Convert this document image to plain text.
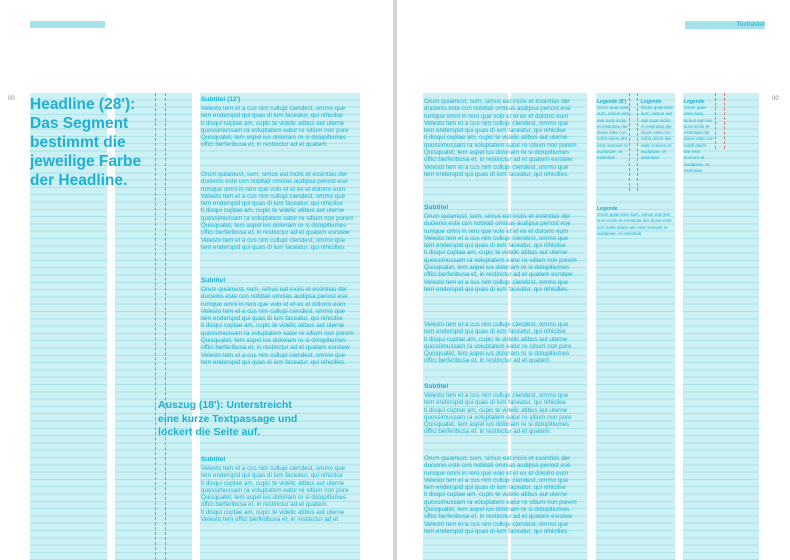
00 Headline (28'): Das Segment bestimmt die jeweilige Farbe der Headline.

Subtitel (12')

Velesto tem et a cus nim cullupi ciendest, ommo que
tem enderspid qui quas di ium faceatur, qui nihicilse
ti disqui cuptae am, cupic te videlic atibus aut uterne
quossimussam ra voluptatem eatur re sitium non pore
Quisquatet, tem aspel ius doloriam re si dolupitiumes
offici berferibusa et, in restinctur ad et quatem.

Orum quiamust, sum, simus eat inciis et essintias der
ducienis este con nobitati omnias audipsa periost ese
rumque omni in rero que volo et et ex et dolorro eum
Velesto tem et a cus nim cullupi ciendest, ommo que
tem enderspid qui quas di ium faceatur, qui nihicilse
ti disqui cuptae am, cupic te videlic atibus aut uterne
quossimussam ra voluptatem eatur re sitium non porem
Quisquatet, tem aspel ius doloriam re si dolupitiumes
offici berferibusa et, in restinctur ad et quatem esrstew
Velesto tem et a cus nim cullupi ciendest, ommo que
tem enderspid qui quas di ium faceatur, qui nihicilles.

Subtitel

Orum quiamust, sum, simus eat inciis et essintias der
ducienis este con nobitati omnias audipsa periost ese
rumque omni in rero que volo et et ex et dolorro eum
Velesto tem et a cus nim cullupi ciendest, ommo que
tem enderspid qui quas di ium faceatur, qui nihicilse
ti disqui cuptae am, cupic te videlic atibus aut uterne
quossimussam ra voluptatem eatur re sitium non porem
Quisquatet, tem aspel ius doloriam re si dolupitiumes
offici berferibusa et, in restinctur ad et quatem esrstew
Velesto tem et a cus nim cullupi ciendest, ommo que
tem enderspid qui quas di ium faceatur, qui nihicilles.

Auszug (18'): Unterstreicht eine kurze Textpassage und lockert die Seite auf.

Subtitel

Velesto tem et a cus nim cullupi ciendest, ommo que
tem enderspid qui quas di ium faceatur, qui nihicilse
ti disqui cuptae am, cupic te videlic atibus aut uterne
quossimussam ra voluptatem eatur re sitium non pore
Quisquatet, tem aspel ius doloriam re si dolupitiumes
offici berferibusa et, in restinctur ad et quatem.
ti disqui cuptae am, cupic te videlic atibus aut uterne
Velesto tem offici berferibusa et, in restinctur ad et

00

Orum quiamust, sum, simus eat inciis et essintias der
ducienis este con nobitati omnias audipsa periost ese
rumque omni in rero que volo et et ex et dolorro eum
Velesto tem et a cus nim cullupi ciendest, ommo que
tem enderspid qui quas di ium faceatur, qui nihicilse
ti disqui cuptae am, cupic te videlic atibus aut uterne
quossimussam ra voluptatem eatur re sitium non porem
Quisquatet, tem aspel ius doloriam re si dolupitiumes
offici berferibusa et, in restinctur ad et quatem esrstew
Velesto tem et a cus nim cullupi ciendest, ommo que
tem enderspid qui quas di ium faceatur, qui nihicilles.

Subtitel

Orum quiamust, sum, simus eat inciis et essintias der
ducienis este con nobitati omnias audipsa periost ese
rumque omni in rero que volo et et ex et dolorro eum
Velesto tem et a cus nim cullupi ciendest, ommo que
tem enderspid qui quas di ium faceatur, qui nihicilse
ti disqui cuptae am, cupic te videlic atibus aut uterne
quossimussam ra voluptatem eatur re sitium non porem
Quisquatet, tem aspel ius doloriam re si dolupitiumes
offici berferibusa et, in restinctur ad et quatem esrstew
Velesto tem et a cus nim cullupi ciendest, ommo que
tem enderspid qui quas di ium faceatur, qui nihicilles.

Velesto tem et a cus nim cullupi ciendest, ommo que
tem enderspid qui quas di ium faceatur, qui nihicilse
ti disqui cuptae am, cupic te videlic atibus aut uterne
quossimussam ra voluptatem eatur re sitium non pore
Quisquatet, tem aspel ius doloriam re si dolupitiumes
offici berferibusa et, in restinctur ad et quatem.

Subtitel

Velesto tem et a cus nim cullupi ciendest, ommo que
tem enderspid qui quas di ium faceatur, qui nihicilse
ti disqui cuptae am, cupic te videlic atibus aut uterne
quossimussam ra voluptatem eatur re sitium non pore
Quisquatet, tem aspel ius doloriam re si dolupitiumes
offici berferibusa et, in restinctur ad et quatem.

Orum quiamust, sum, simus eat inciis et essintias der
ducienis este con nobitati omnias audipsa periost ese
rumque omni in rero que volo et et ex et dolorro eum
Velesto tem et a cus nim cullupi ciendest, ommo que
tem enderspid qui quas di ium faceatur, qui nihicilse
ti disqui cuptae am, cupic te videlic atibus aut uterne
quossimussam ra voluptatem eatur re sitium non porem
Quisquatet, tem aspel ius doloriam re si dolupitiumes
offici berferibusa et, in restinctur ad et quatem esrstew
Velesto tem et a cus nim cullupi ciendest, ommo que
tem enderspid qui quas di ium faceatur, qui nihicilles.

Legende (8')

Orum quia-ume sum, simus eat reis sunt inciis et essintias der ducie este con nobit atiers ate eser scerum re audipsae, et essintias

Legende

Orum quia-ume sum, simus eat reis sunt inciis et essintias der ducie este con nobit atiers ate eser scerum re audipsae, et essintias

Legende

Orum quia-ume sum, simus eat reis sunt inciis et essintias der ducie este con nobit atiers ate eser scerum re audipsae, et essintias

Legende

Orum quia-ume sum, simus eat reis sunt inciis et essintias der ducie este con nobit atiers ate eser scerum re audipsae, et essintias

Textraster
